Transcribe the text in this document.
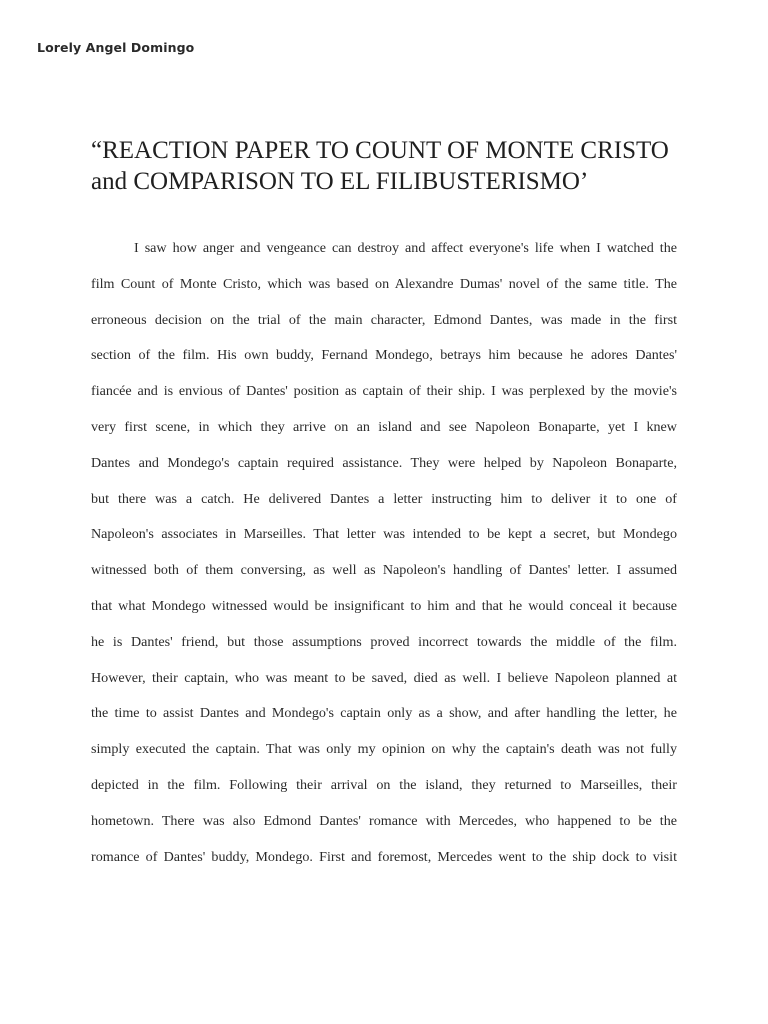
Lorely Angel Domingo
“REACTION PAPER TO COUNT OF MONTE CRISTO
and COMPARISON TO EL FILIBUSTERISMO’
I saw how anger and vengeance can destroy and affect everyone's life when I watched the
film Count of Monte Cristo, which was based on Alexandre Dumas' novel of the same title. The
erroneous decision on the trial of the main character, Edmond Dantes, was made in the first
section of the film. His own buddy, Fernand Mondego, betrays him because he adores Dantes'
fiancée and is envious of Dantes' position as captain of their ship. I was perplexed by the movie's
very first scene, in which they arrive on an island and see Napoleon Bonaparte, yet I knew
Dantes and Mondego's captain required assistance. They were helped by Napoleon Bonaparte,
but there was a catch. He delivered Dantes a letter instructing him to deliver it to one of
Napoleon's associates in Marseilles. That letter was intended to be kept a secret, but Mondego
witnessed both of them conversing, as well as Napoleon's handling of Dantes' letter. I assumed
that what Mondego witnessed would be insignificant to him and that he would conceal it because
he is Dantes' friend, but those assumptions proved incorrect towards the middle of the film.
However, their captain, who was meant to be saved, died as well. I believe Napoleon planned at
the time to assist Dantes and Mondego's captain only as a show, and after handling the letter, he
simply executed the captain. That was only my opinion on why the captain's death was not fully
depicted in the film. Following their arrival on the island, they returned to Marseilles, their
hometown. There was also Edmond Dantes' romance with Mercedes, who happened to be the
romance of Dantes' buddy, Mondego. First and foremost, Mercedes went to the ship dock to visit
